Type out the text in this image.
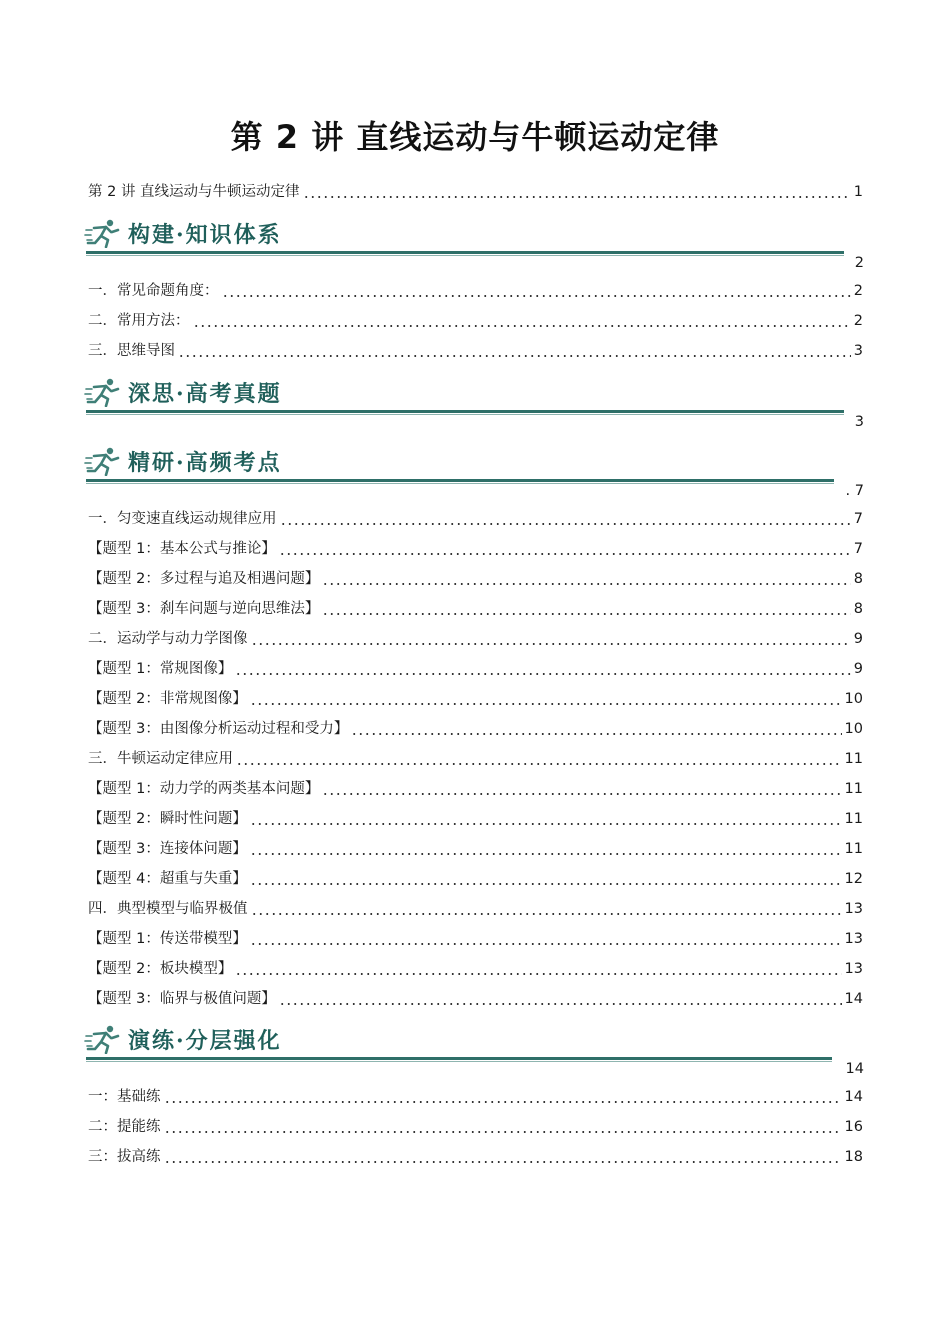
第 2 讲 直线运动与牛顿运动定律
第 2 讲 直线运动与牛顿运动定律	1
构建·知识体系
2
一．常见命题角度：	2
二．常用方法：	2
三．思维导图	3
深思·高考真题
3
精研·高频考点
. 7
一．匀变速直线运动规律应用	7
【题型 1：基本公式与推论】	7
【题型 2：多过程与追及相遇问题】	8
【题型 3：刹车问题与逆向思维法】	8
二．运动学与动力学图像	9
【题型 1：常规图像】	9
【题型 2：非常规图像】	10
【题型 3：由图像分析运动过程和受力】	10
三．牛顿运动定律应用	11
【题型 1：动力学的两类基本问题】	11
【题型 2：瞬时性问题】	11
【题型 3：连接体问题】	11
【题型 4：超重与失重】	12
四．典型模型与临界极值	13
【题型 1：传送带模型】	13
【题型 2：板块模型】	13
【题型 3：临界与极值问题】	14
演练·分层强化
14
一：基础练	14
二：提能练	16
三：拔高练	18
